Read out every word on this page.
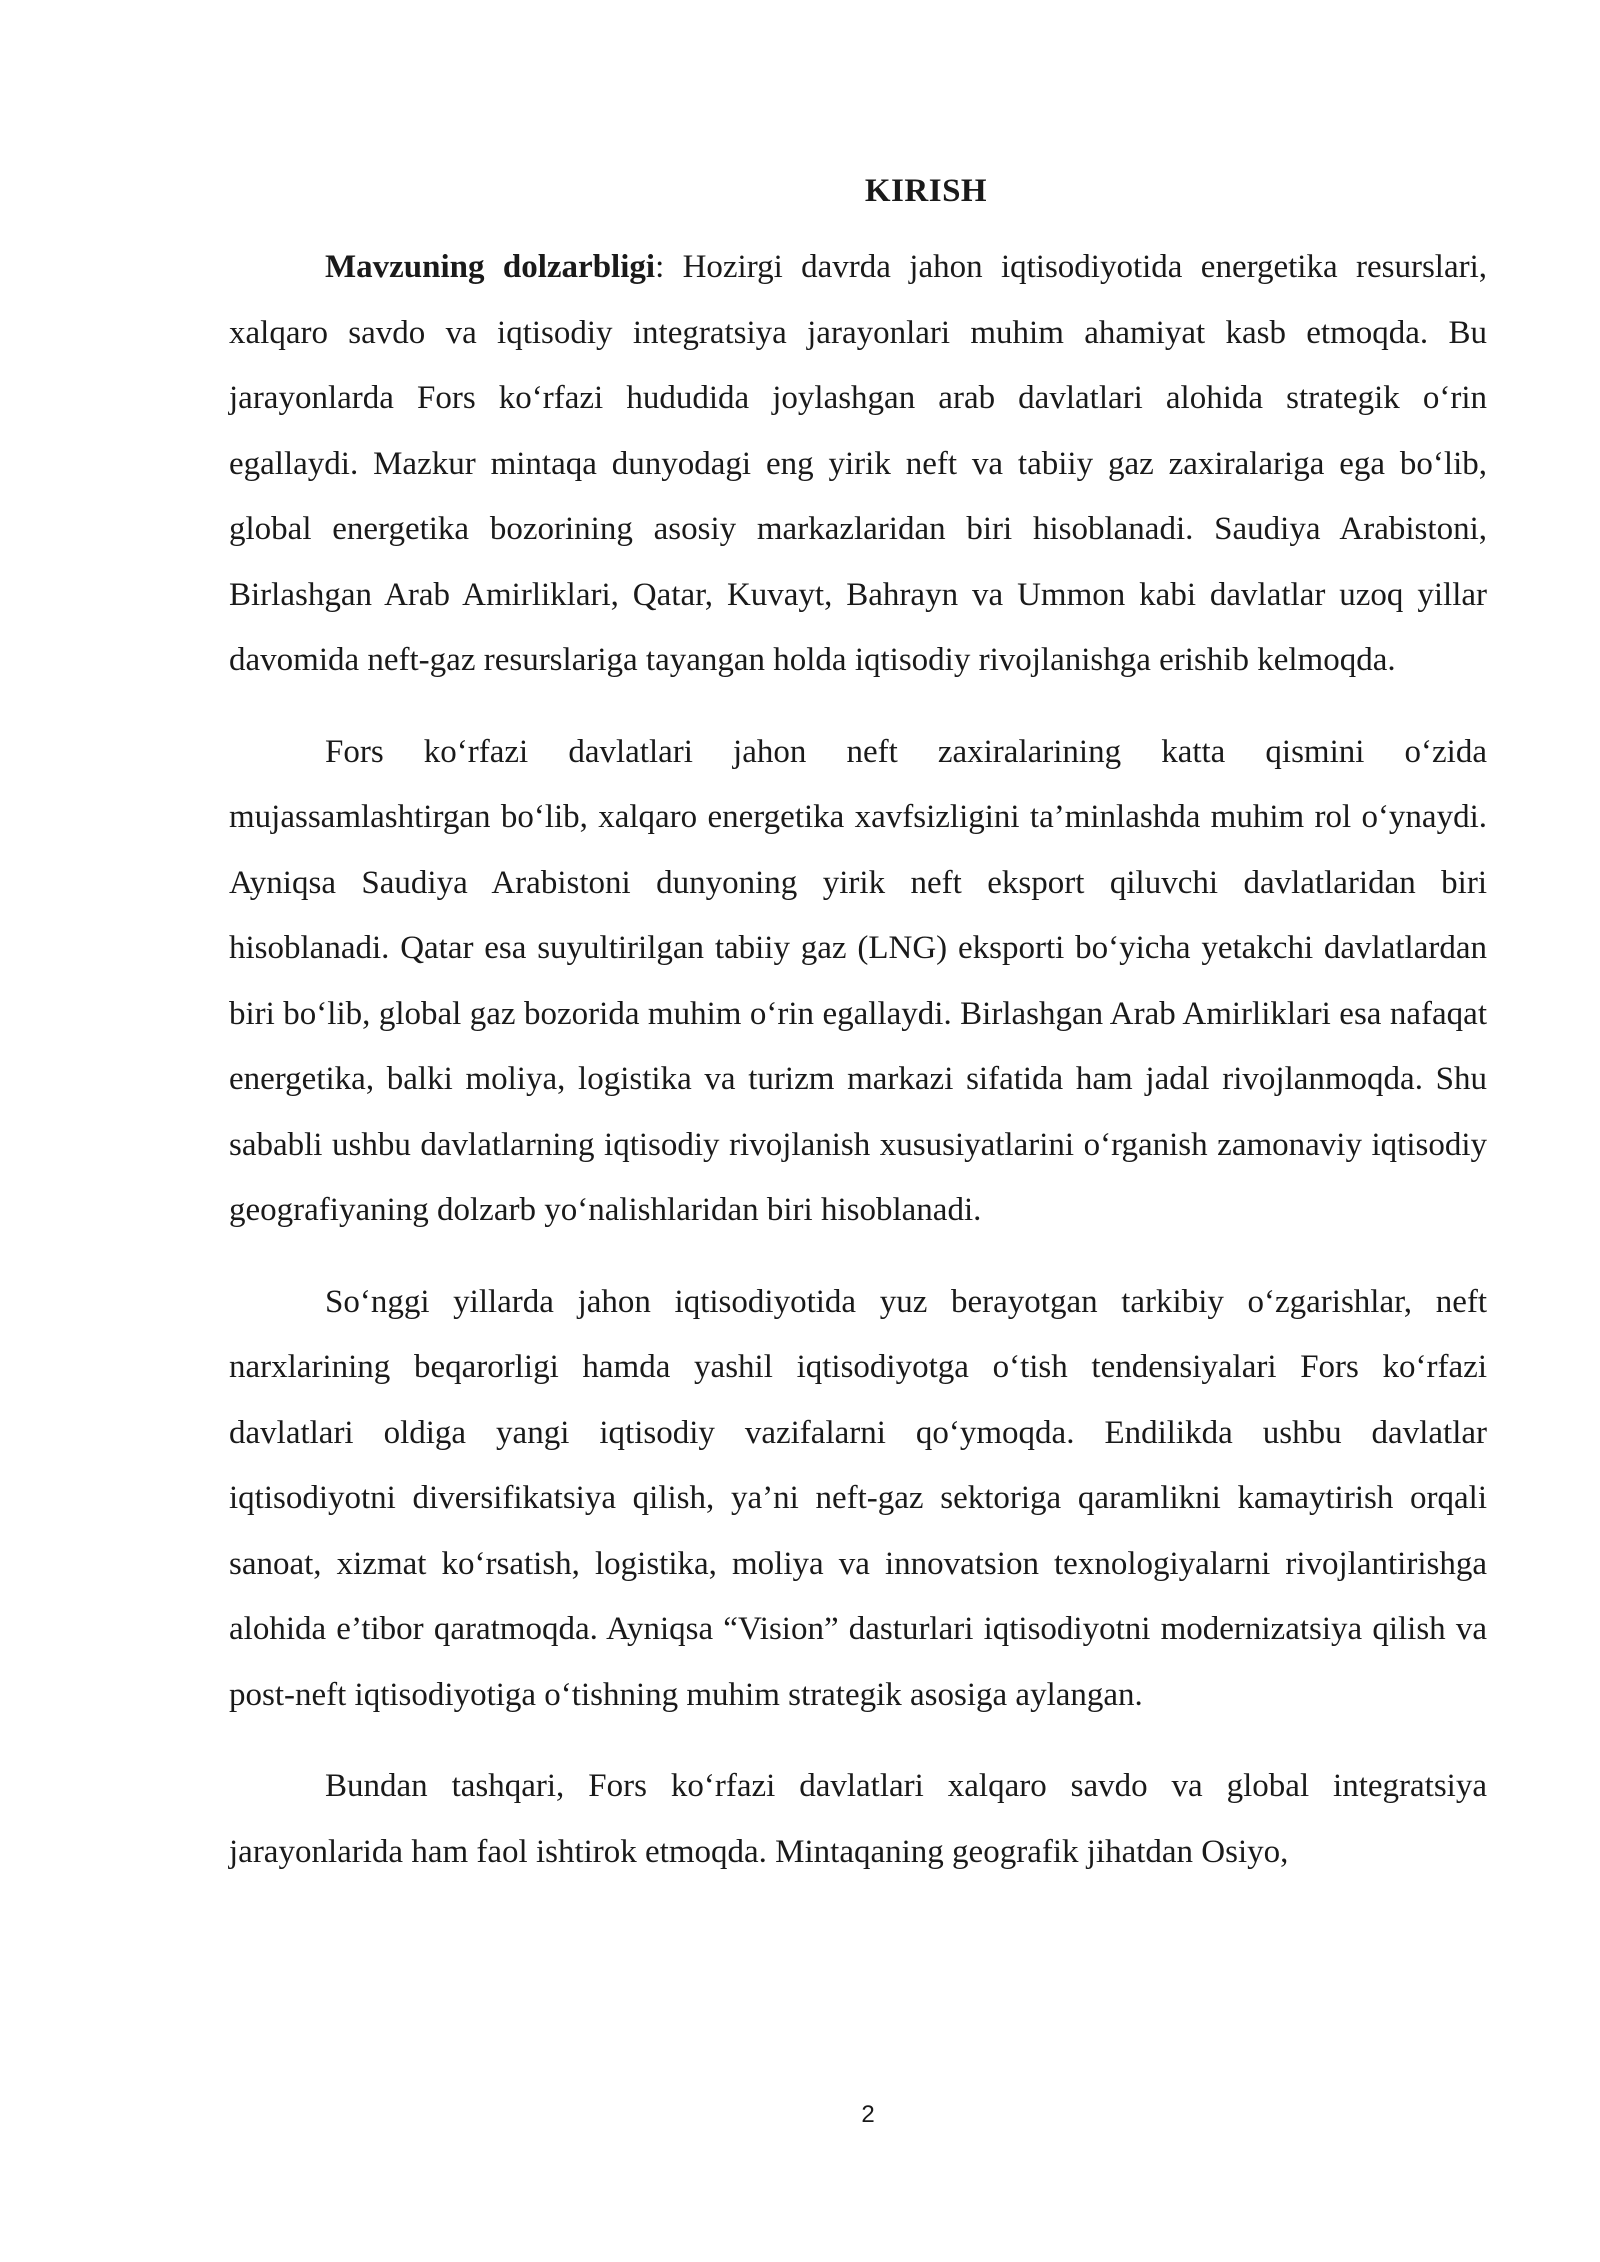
KIRISH

Mavzuning dolzarbligi: Hozirgi davrda jahon iqtisodiyotida energetika resurslari, xalqaro savdo va iqtisodiy integratsiya jarayonlari muhim ahamiyat kasb etmoqda. Bu jarayonlarda Fors koʻrfazi hududida joylashgan arab davlatlari alohida strategik oʻrin egallaydi. Mazkur mintaqa dunyodagi eng yirik neft va tabiiy gaz zaxiralariga ega boʻlib, global energetika bozorining asosiy markazlaridan biri hisoblanadi. Saudiya Arabistoni, Birlashgan Arab Amirliklari, Qatar, Kuvayt, Bahrayn va Ummon kabi davlatlar uzoq yillar davomida neft-gaz resurslariga tayangan holda iqtisodiy rivojlanishga erishib kelmoqda.

Fors koʻrfazi davlatlari jahon neft zaxiralarining katta qismini oʻzida mujassamlashtirgan boʻlib, xalqaro energetika xavfsizligini ta’minlashda muhim rol oʻynaydi. Ayniqsa Saudiya Arabistoni dunyoning yirik neft eksport qiluvchi davlatlaridan biri hisoblanadi. Qatar esa suyultirilgan tabiiy gaz (LNG) eksporti boʻyicha yetakchi davlatlardan biri boʻlib, global gaz bozorida muhim oʻrin egallaydi. Birlashgan Arab Amirliklari esa nafaqat energetika, balki moliya, logistika va turizm markazi sifatida ham jadal rivojlanmoqda. Shu sababli ushbu davlatlarning iqtisodiy rivojlanish xususiyatlarini oʻrganish zamonaviy iqtisodiy geografiyaning dolzarb yoʻnalishlaridan biri hisoblanadi.

Soʻnggi yillarda jahon iqtisodiyotida yuz berayotgan tarkibiy oʻzgarishlar, neft narxlarining beqarorligi hamda yashil iqtisodiyotga oʻtish tendensiyalari Fors koʻrfazi davlatlari oldiga yangi iqtisodiy vazifalarni qoʻymoqda. Endilikda ushbu davlatlar iqtisodiyotni diversifikatsiya qilish, ya’ni neft-gaz sektoriga qaramlikni kamaytirish orqali sanoat, xizmat koʻrsatish, logistika, moliya va innovatsion texnologiyalarni rivojlantirishga alohida e’tibor qaratmoqda. Ayniqsa “Vision” dasturlari iqtisodiyotni modernizatsiya qilish va post-neft iqtisodiyotiga oʻtishning muhim strategik asosiga aylangan.

Bundan tashqari, Fors koʻrfazi davlatlari xalqaro savdo va global integratsiya jarayonlarida ham faol ishtirok etmoqda. Mintaqaning geografik jihatdan Osiyo,

2
